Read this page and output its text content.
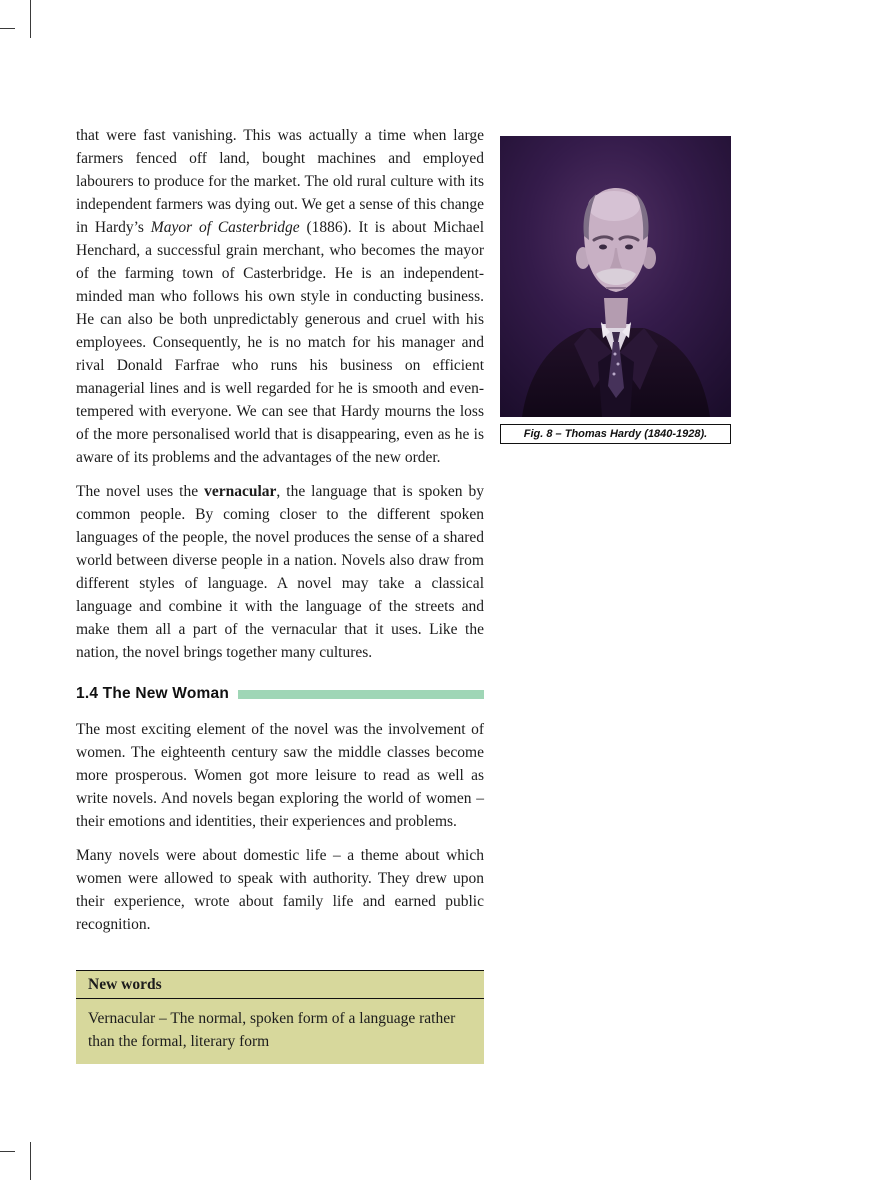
that were fast vanishing. This was actually a time when large farmers fenced off land, bought machines and employed labourers to produce for the market. The old rural culture with its independent farmers was dying out. We get a sense of this change in Hardy’s Mayor of Casterbridge (1886). It is about Michael Henchard, a successful grain merchant, who becomes the mayor of the farming town of Casterbridge. He is an independent-minded man who follows his own style in conducting business. He can also be both unpredictably generous and cruel with his employees. Consequently, he is no match for his manager and rival Donald Farfrae who runs his business on efficient managerial lines and is well regarded for he is smooth and even-tempered with everyone. We can see that Hardy mourns the loss of the more personalised world that is disappearing, even as he is aware of its problems and the advantages of the new order.

The novel uses the vernacular, the language that is spoken by common people. By coming closer to the different spoken languages of the people, the novel produces the sense of a shared world between diverse people in a nation. Novels also draw from different styles of language. A novel may take a classical language and combine it with the language of the streets and make them all a part of the vernacular that it uses. Like the nation, the novel brings together many cultures.

1.4 The New Woman

The most exciting element of the novel was the involvement of women. The eighteenth century saw the middle classes become more prosperous. Women got more leisure to read as well as write novels. And novels began exploring the world of women – their emotions and identities, their experiences and problems.

Many novels were about domestic life – a theme about which women were allowed to speak with authority. They drew upon their experience, wrote about family life and earned public recognition.

New words
Vernacular – The normal, spoken form of a language rather than the formal, literary form
Fig. 8 – Thomas Hardy (1840-1928).
